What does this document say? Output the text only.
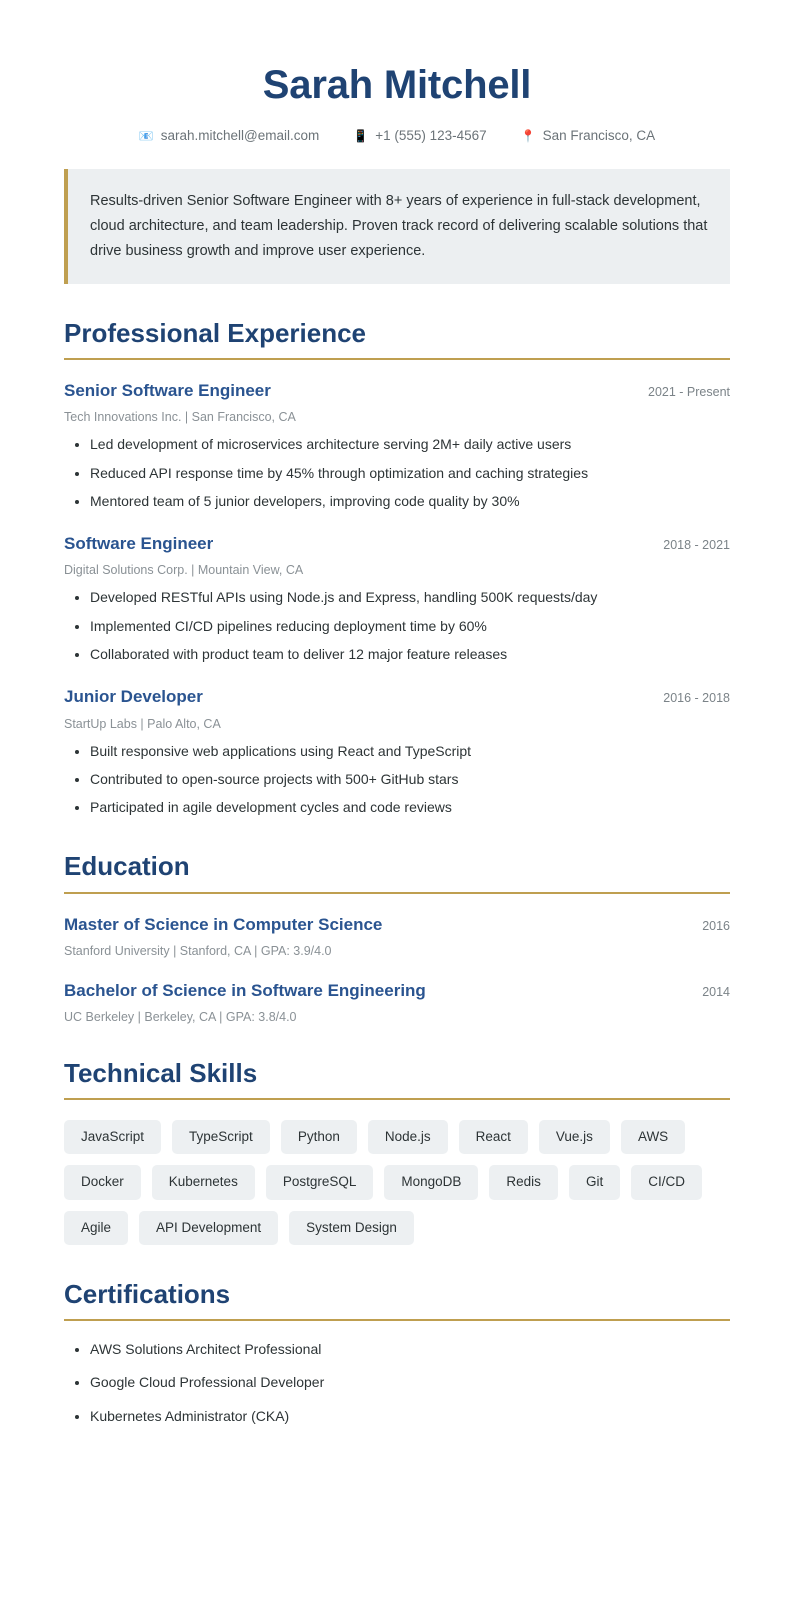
Sarah Mitchell
📧 sarah.mitchell@email.com	📱 +1 (555) 123-4567	📍 San Francisco, CA
Results-driven Senior Software Engineer with 8+ years of experience in full-stack development, cloud architecture, and team leadership. Proven track record of delivering scalable solutions that drive business growth and improve user experience.
Professional Experience
Senior Software Engineer	2021 - Present
Tech Innovations Inc. | San Francisco, CA
• Led development of microservices architecture serving 2M+ daily active users
• Reduced API response time by 45% through optimization and caching strategies
• Mentored team of 5 junior developers, improving code quality by 30%
Software Engineer	2018 - 2021
Digital Solutions Corp. | Mountain View, CA
• Developed RESTful APIs using Node.js and Express, handling 500K requests/day
• Implemented CI/CD pipelines reducing deployment time by 60%
• Collaborated with product team to deliver 12 major feature releases
Junior Developer	2016 - 2018
StartUp Labs | Palo Alto, CA
• Built responsive web applications using React and TypeScript
• Contributed to open-source projects with 500+ GitHub stars
• Participated in agile development cycles and code reviews
Education
Master of Science in Computer Science	2016
Stanford University | Stanford, CA | GPA: 3.9/4.0
Bachelor of Science in Software Engineering	2014
UC Berkeley | Berkeley, CA | GPA: 3.8/4.0
Technical Skills
JavaScript	TypeScript	Python	Node.js	React	Vue.js	AWS
Docker	Kubernetes	PostgreSQL	MongoDB	Redis	Git	CI/CD
Agile	API Development	System Design
Certifications
• AWS Solutions Architect Professional
• Google Cloud Professional Developer
• Kubernetes Administrator (CKA)
